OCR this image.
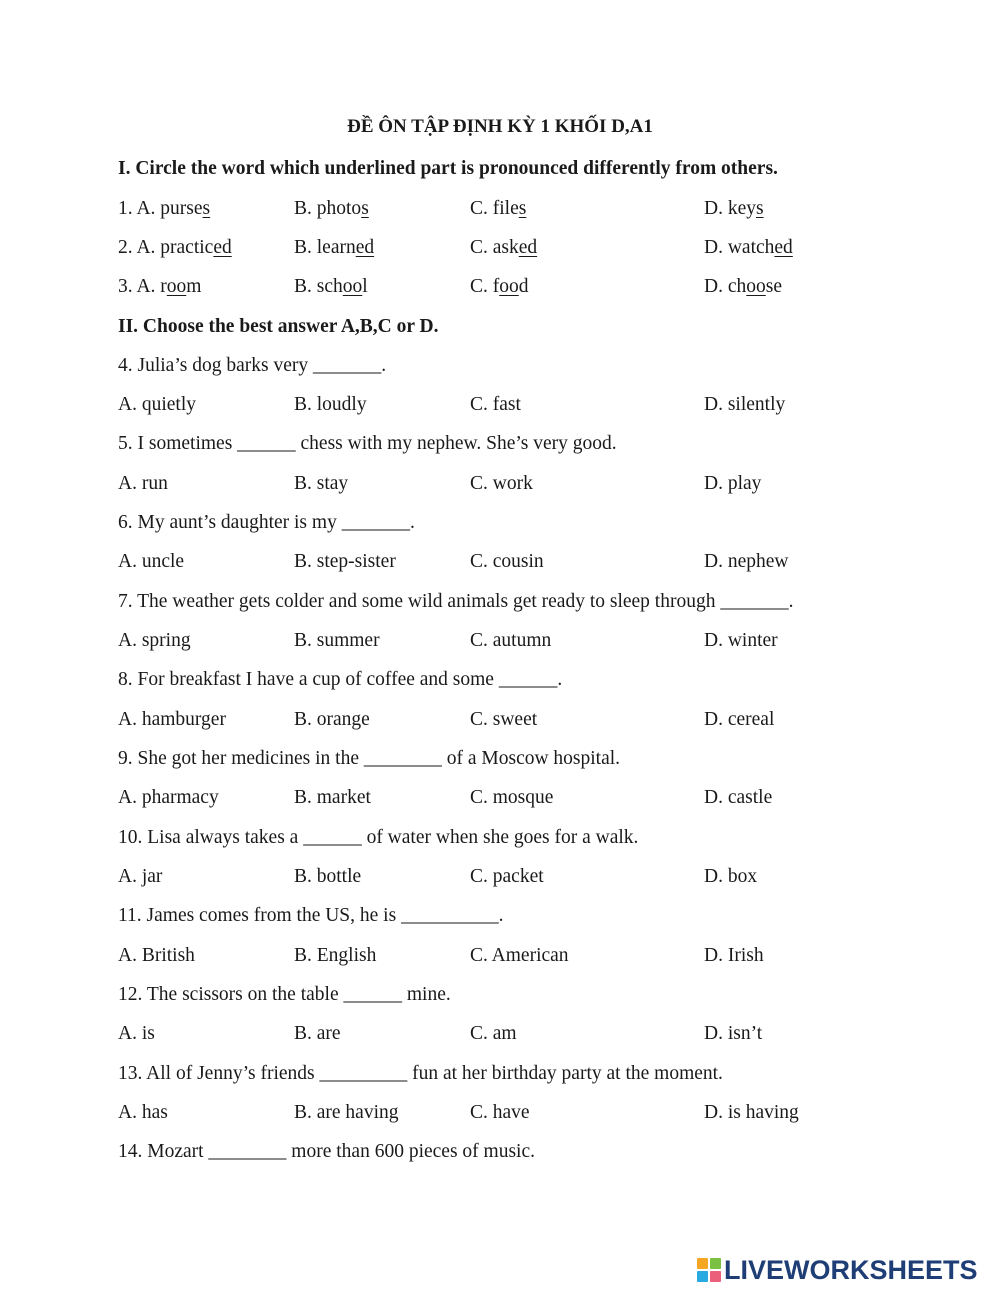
ĐỀ ÔN TẬP ĐỊNH KỲ 1 KHỐI D,A1
I. Circle the word which underlined part is pronounced differently from others.
1. A. purses	B. photos	C. files	D. keys
2. A. practiced	B. learned	C. asked	D. watched
3. A. room	B. school	C. food	D. choose
II. Choose the best answer A,B,C or D.
4. Julia’s dog barks very _______.
A. quietly	B. loudly	C. fast	D. silently
5. I sometimes ______ chess with my nephew. She’s very good.
A. run	B. stay	C. work	D. play
6. My aunt’s daughter is my _______.
A. uncle	B. step-sister	C. cousin	D. nephew
7. The weather gets colder and some wild animals get ready to sleep through _______.
A. spring	B. summer	C. autumn	D. winter
8. For breakfast I have a cup of coffee and some ______.
A. hamburger	B. orange	C. sweet	D. cereal
9. She got her medicines in the ________ of a Moscow hospital.
A. pharmacy	B. market	C. mosque	D. castle
10. Lisa always takes a ______ of water when she goes for a walk.
A. jar	B. bottle	C. packet	D. box
11. James comes from the US, he is __________.
A. British	B. English	C. American	D. Irish
12. The scissors on the table ______ mine.
A. is	B. are	C. am	D. isn’t
13. All of Jenny’s friends _________ fun at her birthday party at the moment.
A. has	B. are having	C. have	D. is having
14. Mozart ________ more than 600 pieces of music.
LIVEWORKSHEETS
